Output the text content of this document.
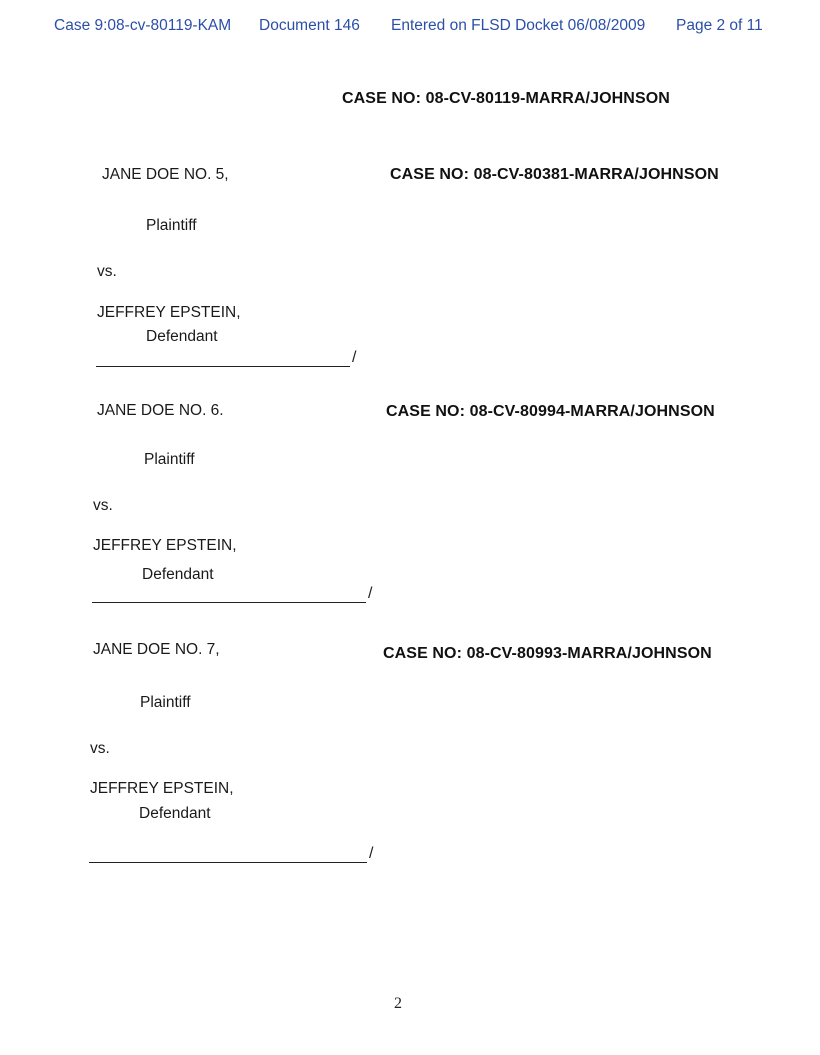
Case 9:08-cv-80119-KAM Document 146 Entered on FLSD Docket 06/08/2009 Page 2 of 11
CASE NO: 08-CV-80119-MARRA/JOHNSON
JANE DOE NO. 5,	CASE NO: 08-CV-80381-MARRA/JOHNSON
Plaintiff
vs.
JEFFREY EPSTEIN,
Defendant
/
JANE DOE NO. 6.	CASE NO: 08-CV-80994-MARRA/JOHNSON
Plaintiff
vs.
JEFFREY EPSTEIN,
Defendant
/
JANE DOE NO. 7,	CASE NO: 08-CV-80993-MARRA/JOHNSON
Plaintiff
vs.
JEFFREY EPSTEIN,
Defendant
/
2
